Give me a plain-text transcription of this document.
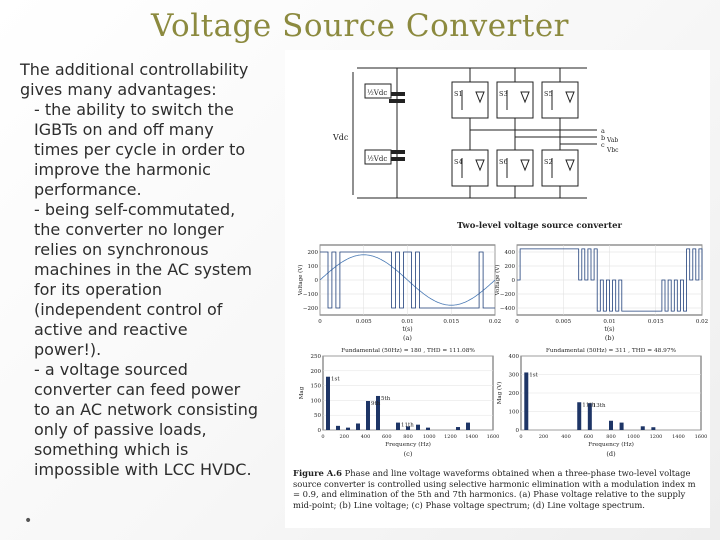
Voltage Source Converter
The additional controllability
gives many advantages:
- the ability to switch the
IGBTs on and off many
times per cycle in order to
improve the harmonic
performance.
- being self-commutated,
the converter no longer
relies on synchronous
machines in the AC system
for its operation
(independent control of
active and reactive
power!).
- a voltage sourced
converter can feed power
to an AC network consisting
only of passive loads,
something which is
impossible with LCC HVDC.
•
½Vdc
½Vdc
Vdc
S1
S4
a
S3
S6
b
S5
S2
c
Vab
Vbc
Two-level voltage source converter
0	0.005	0.01	0.015	0.02
200
100
0
−100
−200
t(s)
(a)
Voltage (V)
0	0.005	0.01	0.015	0.02
400
200
0
−200
−400
t(s)
(b)
Voltage (V)
Fundamental (50Hz) = 180 , THD = 111.08%
0	200 400 600 800 1000 1200 1400 1600
250
200
150
100
50
0
1st
5th
9th
11th
Frequency (Hz)
(c)
Mag
Fundamental (50Hz) = 311 , THD = 48.97%
0	200	400	600	800 1000 1200 1400 1600
400
300
200
100
0
1st
11th
13th
Frequency (Hz)
(d)
Mag (V)
Figure A.6 Phase and line voltage waveforms obtained when a three-phase two-level voltage source converter is controlled using selective harmonic elimination with a modulation index m = 0.9, and elimination of the 5th and 7th harmonics. (a) Phase voltage relative to the supply mid-point; (b) Line voltage; (c) Phase voltage spectrum; (d) Line voltage spectrum.
